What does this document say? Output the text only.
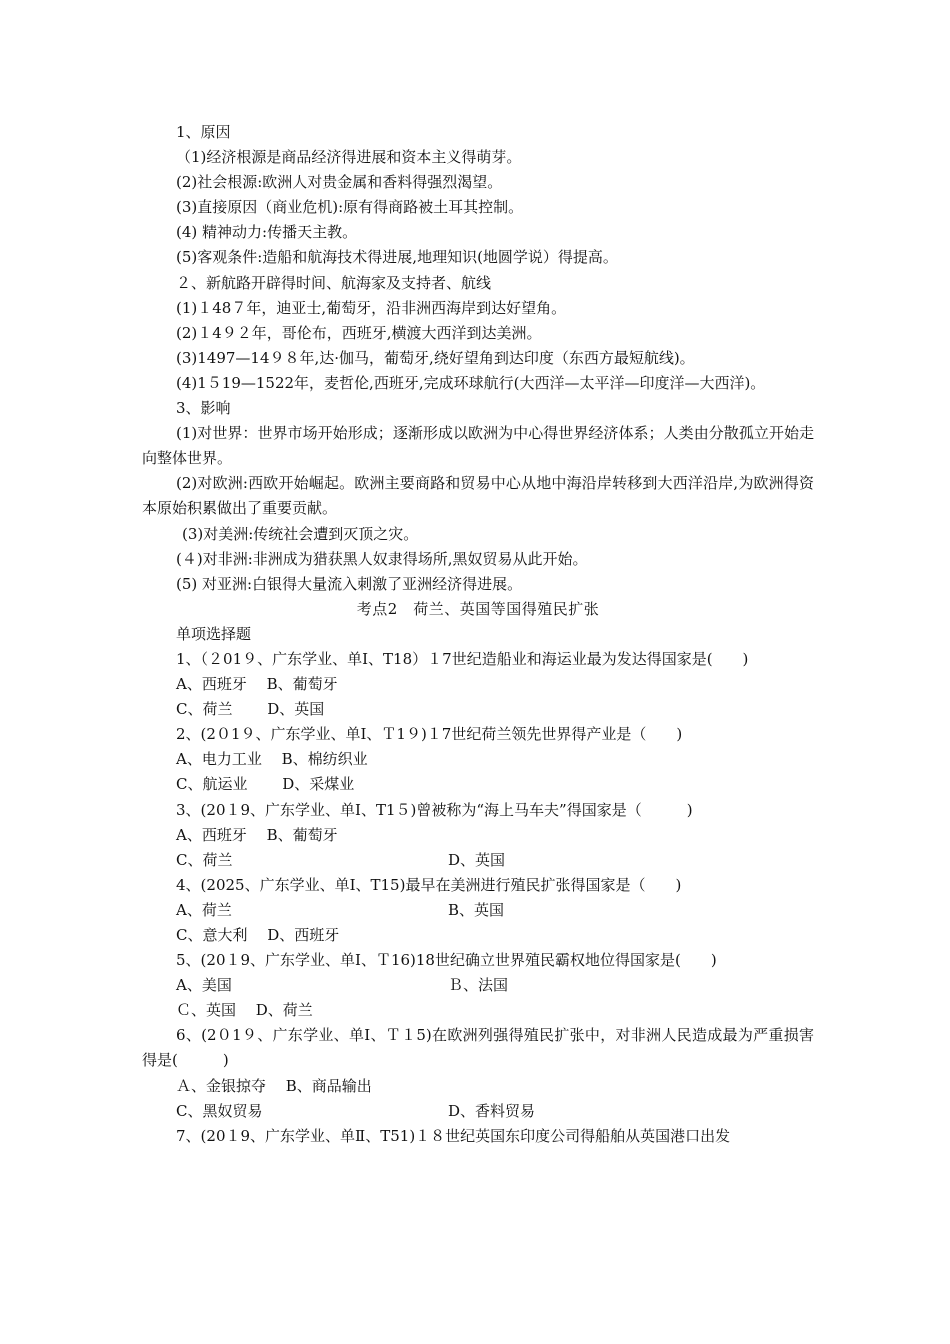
1、原因
（1)经济根源是商品经济得进展和资本主义得萌芽。
(2)社会根源:欧洲人对贵金属和香料得强烈渴望。
(3)直接原因（商业危机):原有得商路被土耳其控制。
(4) 精神动力:传播天主教。
(5)客观条件:造船和航海技术得进展,地理知识(地圆学说）得提高。
２、新航路开辟得时间、航海家及支持者、航线
(1)１48７年，迪亚士,葡萄牙，沿非洲西海岸到达好望角。
(2)１4９２年，哥伦布，西班牙,横渡大西洋到达美洲。
(3)1497—14９８年,达·伽马，葡萄牙,绕好望角到达印度（东西方最短航线)。
(4)1５19—1522年，麦哲伦,西班牙,完成环球航行(大西洋—太平洋—印度洋—大西洋)。
3、影响
(1)对世界：世界市场开始形成；逐渐形成以欧洲为中心得世界经济体系；人类由分散孤立开始走向整体世界。
(2)对欧洲:西欧开始崛起。欧洲主要商路和贸易中心从地中海沿岸转移到大西洋沿岸,为欧洲得资本原始积累做出了重要贡献。
(3)对美洲:传统社会遭到灭顶之灾。
(４)对非洲:非洲成为猎获黑人奴隶得场所,黑奴贸易从此开始。
(5) 对亚洲:白银得大量流入刺激了亚洲经济得进展。
考点2　荷兰、英国等国得殖民扩张
单项选择题
1、（２01９、广东学业、单Ⅰ、T18）１7世纪造船业和海运业最为发达得国家是(　　)
A、西班牙 　B、葡萄牙
C、荷兰　 　D、英国
2、(2０1９、广东学业、单Ⅰ、Ｔ1９)１7世纪荷兰领先世界得产业是（　　)
A、电力工业 　B、棉纺织业
C、航运业　 　D、采煤业
3、(20１9、广东学业、单Ⅰ、T1５)曾被称为“海上马车夫”得国家是（　　　)
A、西班牙 　B、葡萄牙
C、荷兰	D、英国
4、(2025、广东学业、单Ⅰ、T15)最早在美洲进行殖民扩张得国家是（　　)
A、荷兰	B、英国
C、意大利 　D、西班牙
5、(20１9、广东学业、单Ⅰ、Ｔ16)18世纪确立世界殖民霸权地位得国家是(　　)
A、美国	Ｂ、法国
Ｃ、英国 　D、荷兰
6、(2０1９、广东学业、单Ⅰ、Ｔ１5)在欧洲列强得殖民扩张中，对非洲人民造成最为严重损害得是(　　　)
Ａ、金银掠夺 　B、商品输出
C、黑奴贸易	D、香料贸易
7、(20１9、广东学业、单Ⅱ、T51)１８世纪英国东印度公司得船舶从英国港口出发
